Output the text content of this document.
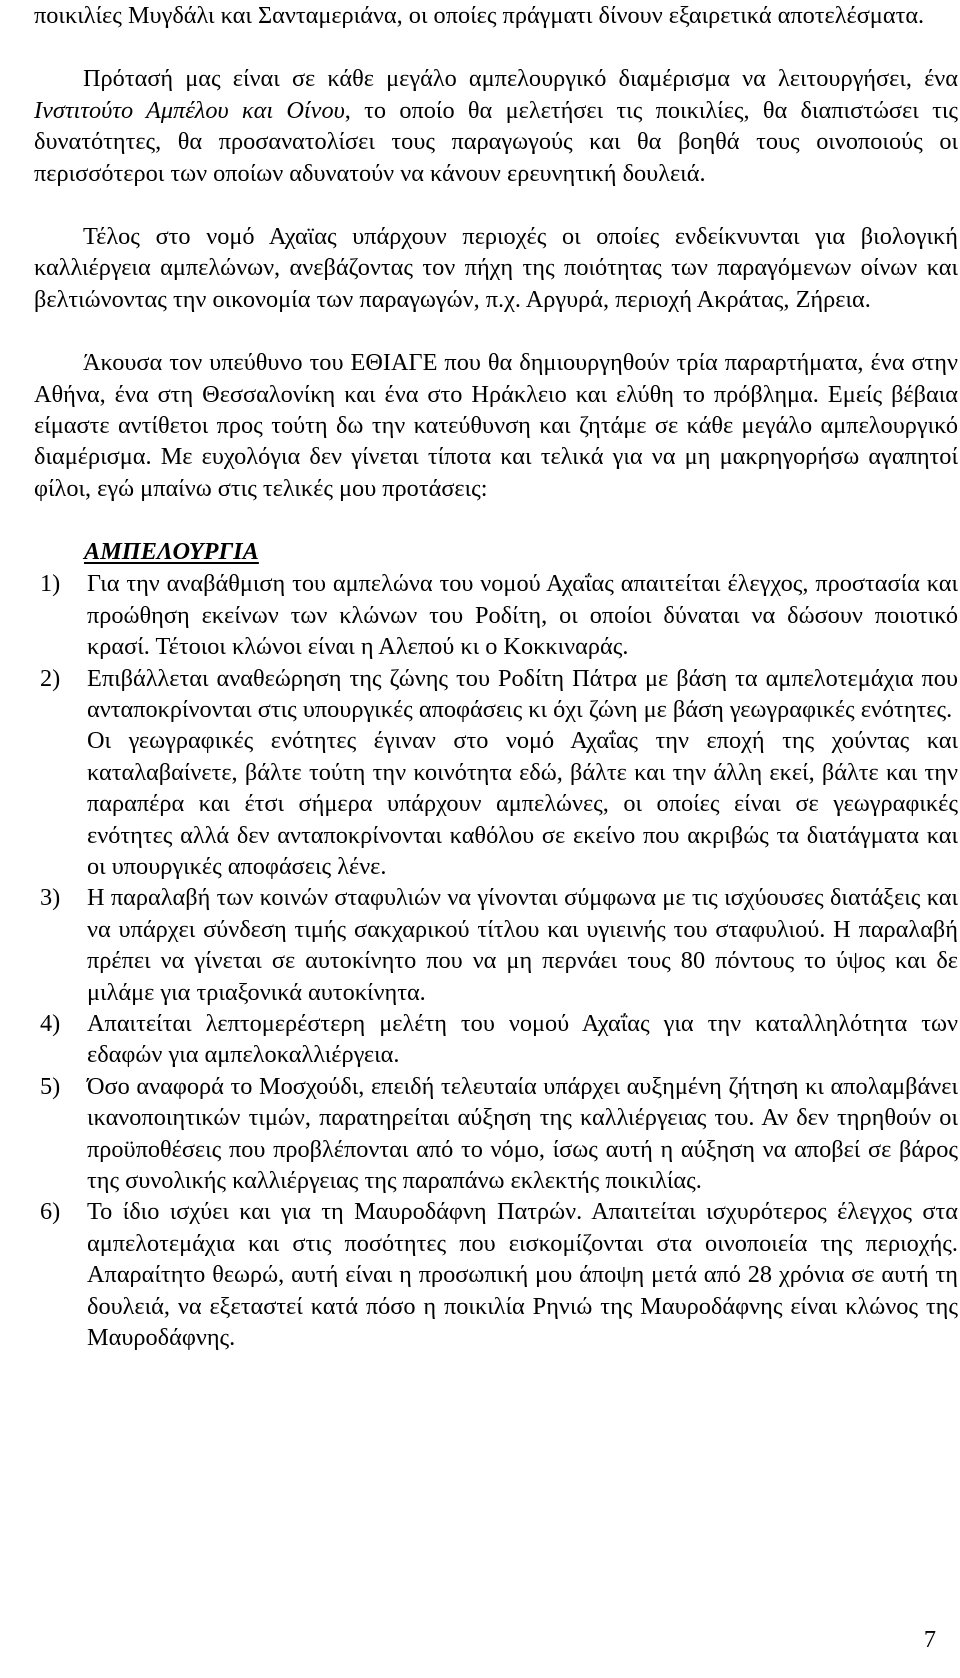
ποικιλίες Μυγδάλι και Σανταμεριάνα, οι οποίες πράγματι δίνουν εξαιρετικά αποτελέσματα.

Πρότασή μας είναι σε κάθε μεγάλο αμπελουργικό διαμέρισμα να λειτουργήσει, ένα Ινστιτούτο Αμπέλου και Οίνου, το οποίο θα μελετήσει τις ποικιλίες, θα διαπιστώσει τις δυνατότητες, θα προσανατολίσει τους παραγωγούς και θα βοηθά τους οινοποιούς οι περισσότεροι των οποίων αδυνατούν να κάνουν ερευνητική δουλειά.

Τέλος στο νομό Αχαϊας υπάρχουν περιοχές οι οποίες ενδείκνυνται για βιολογική καλλιέργεια αμπελώνων, ανεβάζοντας τον πήχη της ποιότητας των παραγόμενων οίνων και βελτιώνοντας την οικονομία των παραγωγών, π.χ. Αργυρά, περιοχή Ακράτας, Ζήρεια.

Άκουσα τον υπεύθυνο του ΕΘΙΑΓΕ που θα δημιουργηθούν τρία παραρτήματα, ένα στην Αθήνα, ένα στη Θεσσαλονίκη και ένα στο Ηράκλειο και ελύθη το πρόβλημα. Εμείς βέβαια είμαστε αντίθετοι προς τούτη δω την κατεύθυνση και ζητάμε σε κάθε μεγάλο αμπελουργικό διαμέρισμα. Με ευχολόγια δεν γίνεται τίποτα και τελικά για να μη μακρηγορήσω αγαπητοί φίλοι, εγώ μπαίνω στις τελικές μου προτάσεις:

ΑΜΠΕΛΟΥΡΓΙΑ
1) Για την αναβάθμιση του αμπελώνα του νομού Αχαΐας απαιτείται έλεγχος, προστασία και προώθηση εκείνων των κλώνων του Ροδίτη, οι οποίοι δύναται να δώσουν ποιοτικό κρασί. Τέτοιοι κλώνοι είναι η Αλεπού κι ο Κοκκιναράς.
2) Επιβάλλεται αναθεώρηση της ζώνης του Ροδίτη Πάτρα με βάση τα αμπελοτεμάχια που ανταποκρίνονται στις υπουργικές αποφάσεις κι όχι ζώνη με βάση γεωγραφικές ενότητες.

Οι γεωγραφικές ενότητες έγιναν στο νομό Αχαΐας την εποχή της χούντας και καταλαβαίνετε, βάλτε τούτη την κοινότητα εδώ, βάλτε και την άλλη εκεί, βάλτε και την παραπέρα και έτσι σήμερα υπάρχουν αμπελώνες, οι οποίες είναι σε γεωγραφικές ενότητες αλλά δεν ανταποκρίνονται καθόλου σε εκείνο που ακριβώς τα διατάγματα και οι υπουργικές αποφάσεις λένε.

3) Η παραλαβή των κοινών σταφυλιών να γίνονται σύμφωνα με τις ισχύουσες διατάξεις και να υπάρχει σύνδεση τιμής σακχαρικού τίτλου και υγιεινής του σταφυλιού. Η παραλαβή πρέπει να γίνεται σε αυτοκίνητο που να μη περνάει τους 80 πόντους το ύψος και δε μιλάμε για τριαξονικά αυτοκίνητα.
4) Απαιτείται λεπτομερέστερη μελέτη του νομού Αχαΐας για την καταλληλότητα των εδαφών για αμπελοκαλλιέργεια.
5) Όσο αναφορά το Μοσχούδι, επειδή τελευταία υπάρχει αυξημένη ζήτηση κι απολαμβάνει ικανοποιητικών τιμών, παρατηρείται αύξηση της καλλιέργειας του. Αν δεν τηρηθούν οι προϋποθέσεις που προβλέπονται από το νόμο, ίσως αυτή η αύξηση να αποβεί σε βάρος της συνολικής καλλιέργειας της παραπάνω εκλεκτής ποικιλίας.
6) Το ίδιο ισχύει και για τη Μαυροδάφνη Πατρών. Απαιτείται ισχυρότερος έλεγχος στα αμπελοτεμάχια και στις ποσότητες που εισκομίζονται στα οινοποιεία της περιοχής. Απαραίτητο θεωρώ, αυτή είναι η προσωπική μου άποψη μετά από 28 χρόνια σε αυτή τη δουλειά, να εξεταστεί κατά πόσο η ποικιλία Ρηνιώ της Μαυροδάφνης είναι κλώνος της Μαυροδάφνης.
7
